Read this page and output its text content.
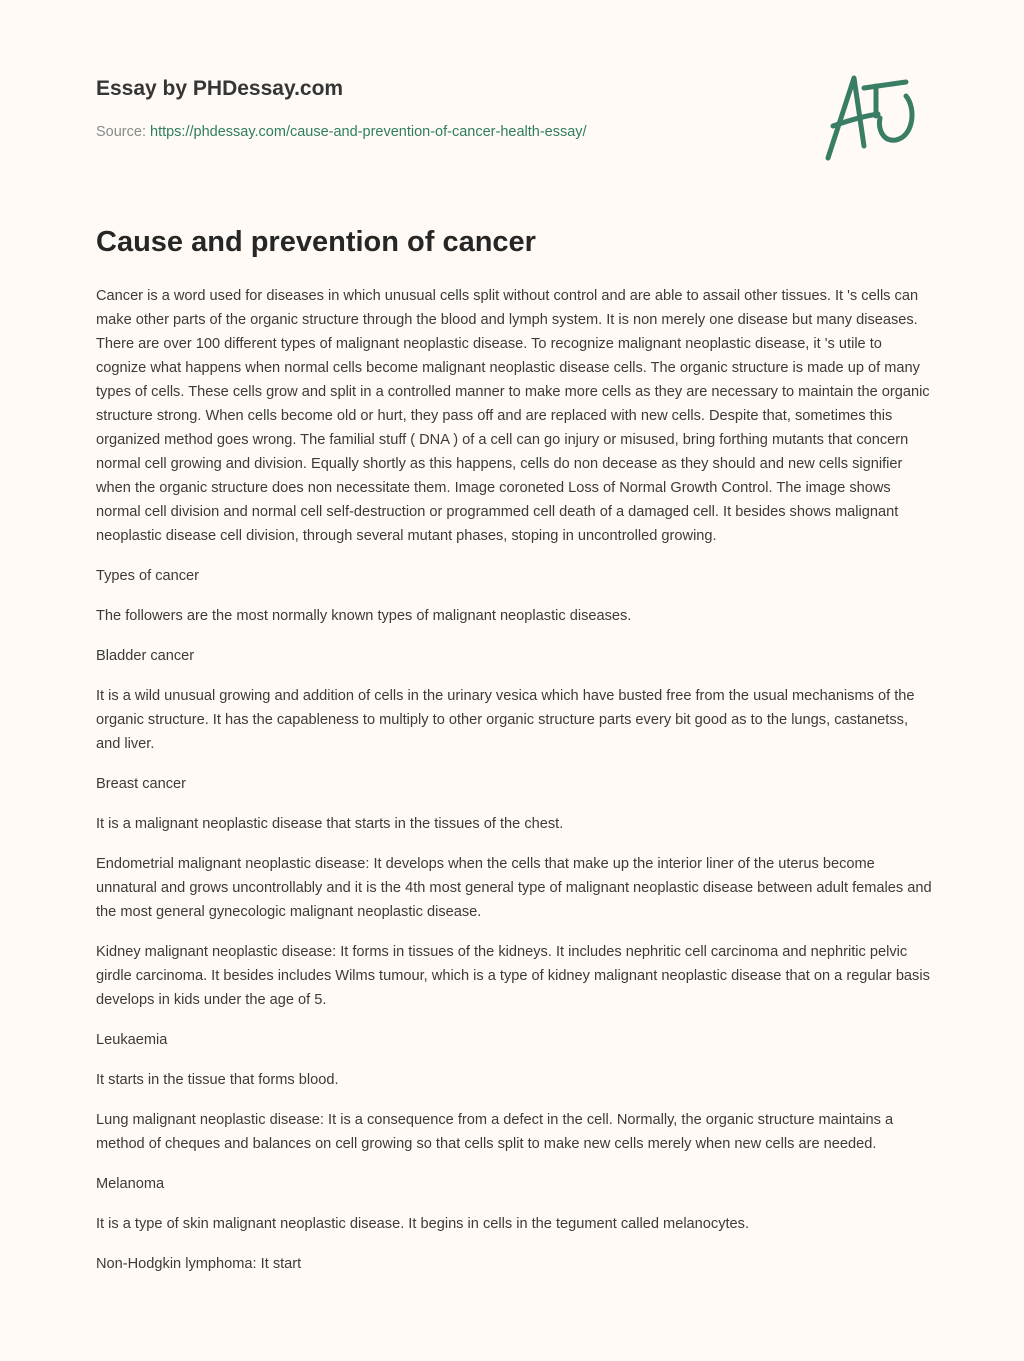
Essay by PHDessay.com
Source: https://phdessay.com/cause-and-prevention-of-cancer-health-essay/
Cause and prevention of cancer

Cancer is a word used for diseases in which unusual cells split without control and are able to assail other tissues. It 's cells can make other parts of the organic structure through the blood and lymph system. It is non merely one disease but many diseases. There are over 100 different types of malignant neoplastic disease. To recognize malignant neoplastic disease, it 's utile to cognize what happens when normal cells become malignant neoplastic disease cells. The organic structure is made up of many types of cells. These cells grow and split in a controlled manner to make more cells as they are necessary to maintain the organic structure strong. When cells become old or hurt, they pass off and are replaced with new cells. Despite that, sometimes this organized method goes wrong. The familial stuff ( DNA ) of a cell can go injury or misused, bring forthing mutants that concern normal cell growing and division. Equally shortly as this happens, cells do non decease as they should and new cells signifier when the organic structure does non necessitate them. Image coroneted Loss of Normal Growth Control. The image shows normal cell division and normal cell self-destruction or programmed cell death of a damaged cell. It besides shows malignant neoplastic disease cell division, through several mutant phases, stoping in uncontrolled growing.

Types of cancer

The followers are the most normally known types of malignant neoplastic diseases.

Bladder cancer

It is a wild unusual growing and addition of cells in the urinary vesica which have busted free from the usual mechanisms of the organic structure. It has the capableness to multiply to other organic structure parts every bit good as to the lungs, castanetss, and liver.

Breast cancer

It is a malignant neoplastic disease that starts in the tissues of the chest.

Endometrial malignant neoplastic disease: It develops when the cells that make up the interior liner of the uterus become unnatural and grows uncontrollably and it is the 4th most general type of malignant neoplastic disease between adult females and the most general gynecologic malignant neoplastic disease.

Kidney malignant neoplastic disease: It forms in tissues of the kidneys. It includes nephritic cell carcinoma and nephritic pelvic girdle carcinoma. It besides includes Wilms tumour, which is a type of kidney malignant neoplastic disease that on a regular basis develops in kids under the age of 5.

Leukaemia

It starts in the tissue that forms blood.

Lung malignant neoplastic disease: It is a consequence from a defect in the cell. Normally, the organic structure maintains a method of cheques and balances on cell growing so that cells split to make new cells merely when new cells are needed.

Melanoma

It is a type of skin malignant neoplastic disease. It begins in cells in the tegument called melanocytes.

Non-Hodgkin lymphoma: It start
